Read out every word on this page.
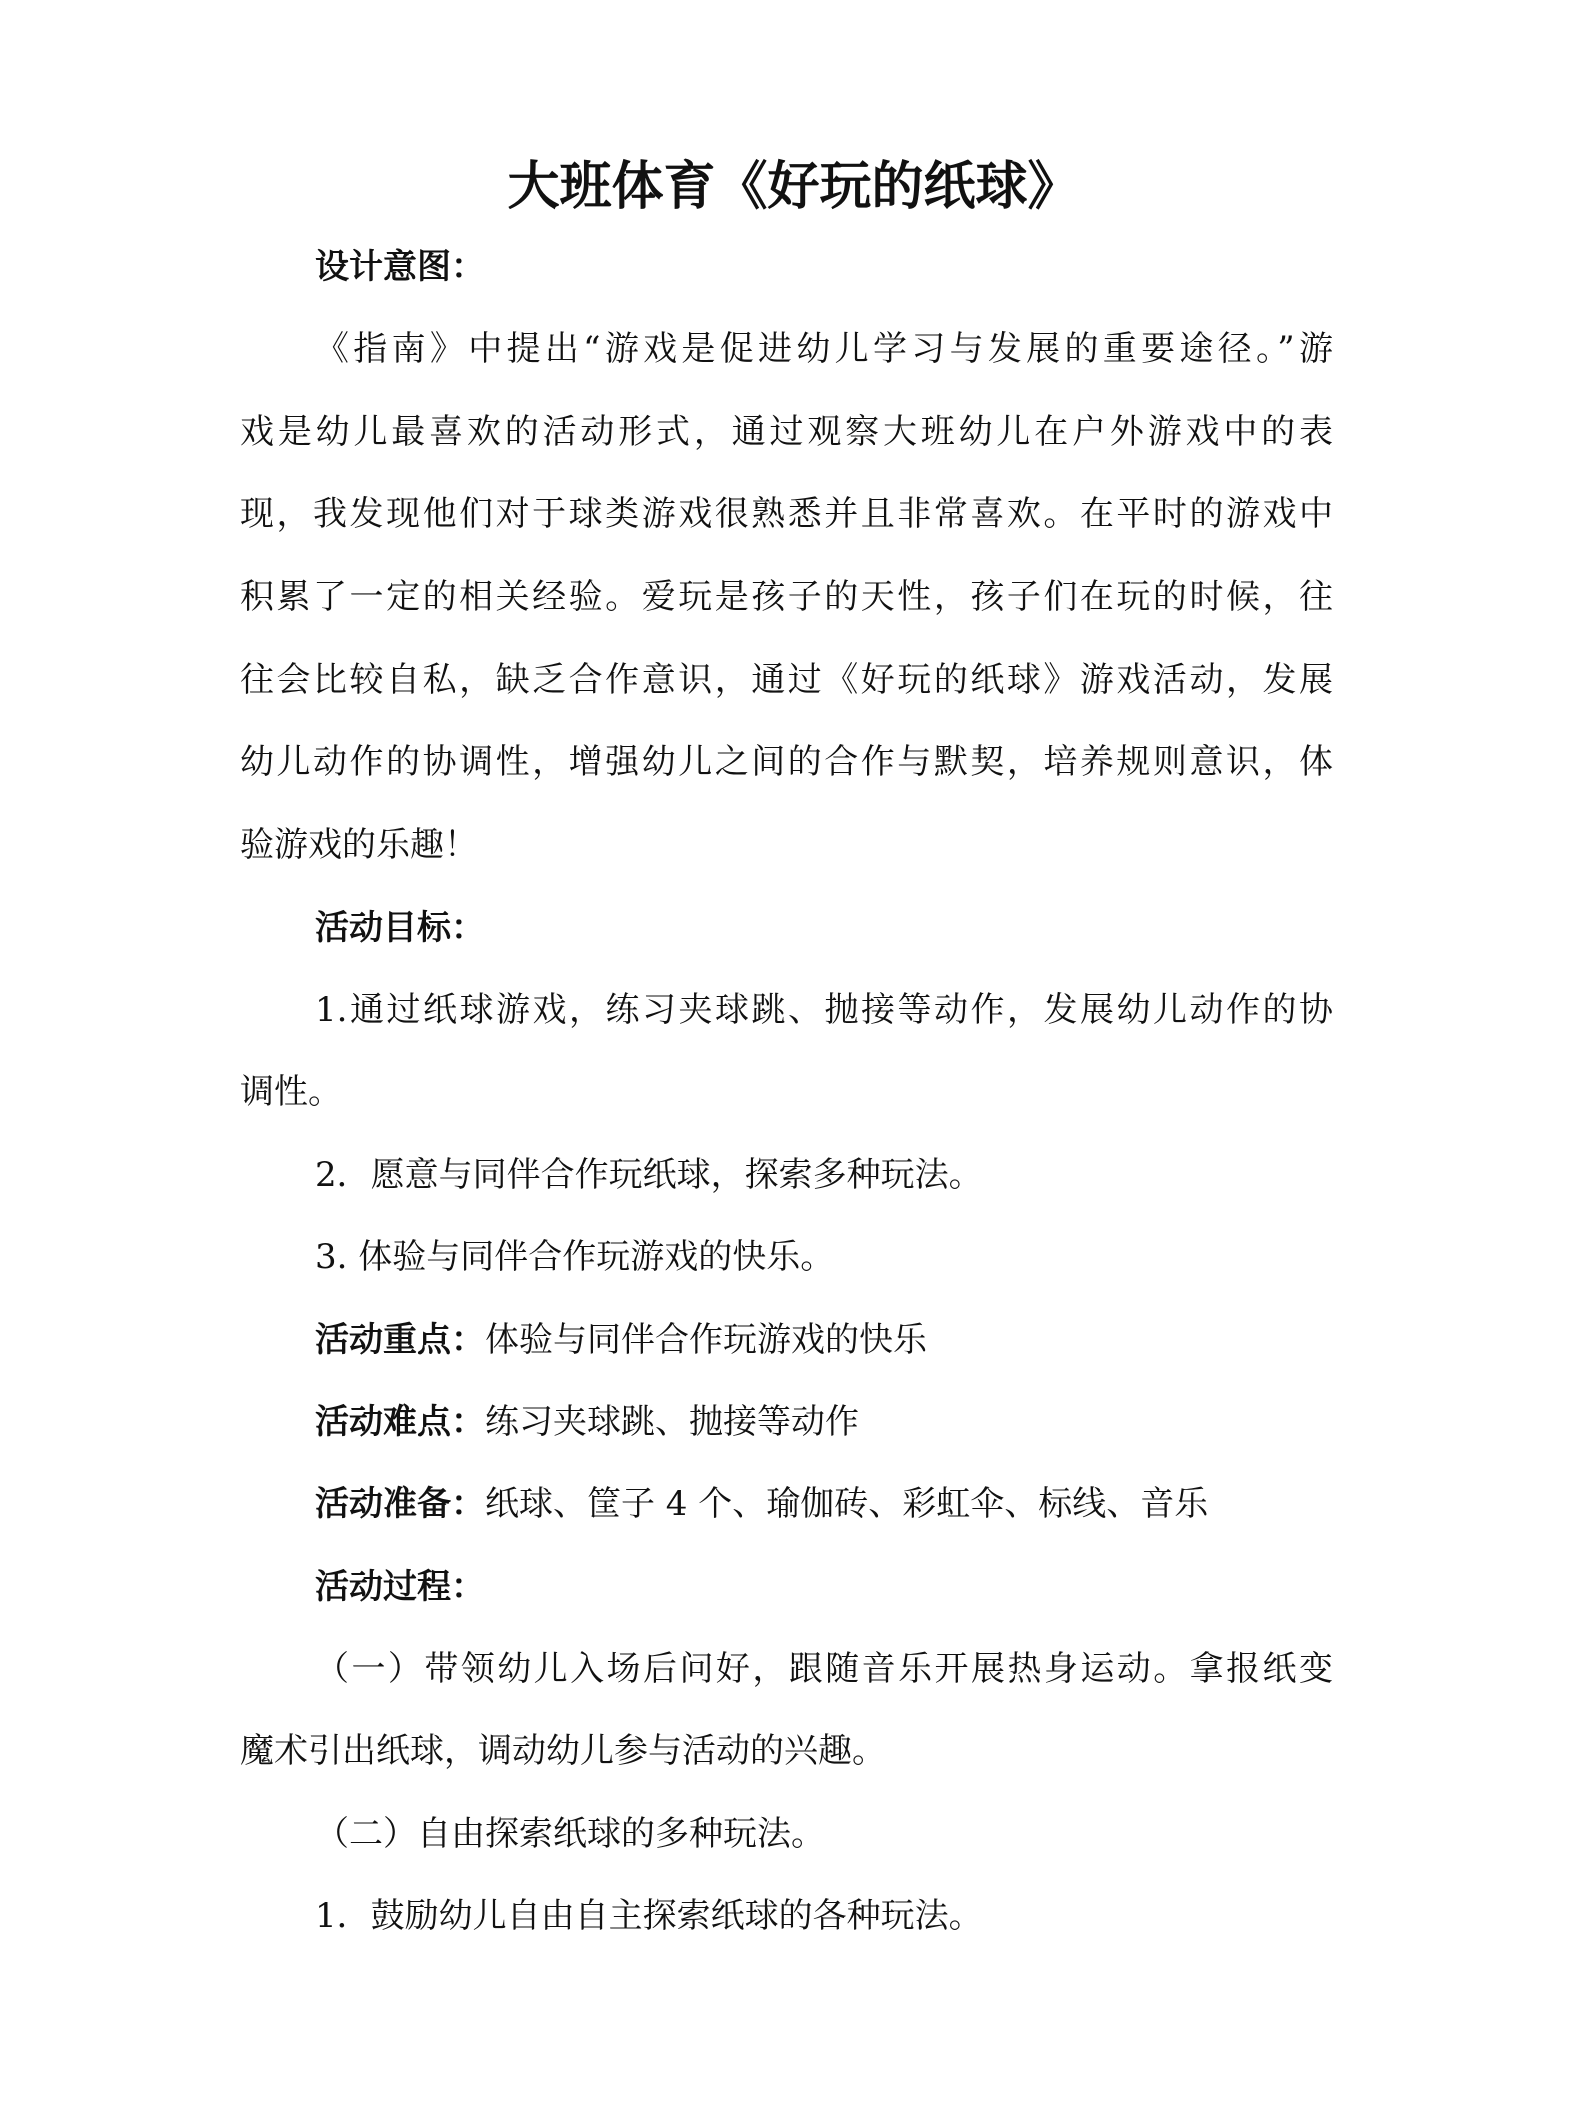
大班体育《好玩的纸球》
设计意图：
《指南》中提出“游戏是促进幼儿学习与发展的重要途径。”游
戏是幼儿最喜欢的活动形式，通过观察大班幼儿在户外游戏中的表
现，我发现他们对于球类游戏很熟悉并且非常喜欢。在平时的游戏中
积累了一定的相关经验。爱玩是孩子的天性，孩子们在玩的时候，往
往会比较自私，缺乏合作意识，通过《好玩的纸球》游戏活动，发展
幼儿动作的协调性，增强幼儿之间的合作与默契，培养规则意识，体
验游戏的乐趣！
活动目标：
1.通过纸球游戏，练习夹球跳、抛接等动作，发展幼儿动作的协
调性。
2．愿意与同伴合作玩纸球，探索多种玩法。
3. 体验与同伴合作玩游戏的快乐。
活动重点：体验与同伴合作玩游戏的快乐
活动难点：练习夹球跳、抛接等动作
活动准备：纸球、筐子 4 个、瑜伽砖、彩虹伞、标线、音乐
活动过程：
（一）带领幼儿入场后问好，跟随音乐开展热身运动。拿报纸变
魔术引出纸球，调动幼儿参与活动的兴趣。
（二）自由探索纸球的多种玩法。
1．鼓励幼儿自由自主探索纸球的各种玩法。
